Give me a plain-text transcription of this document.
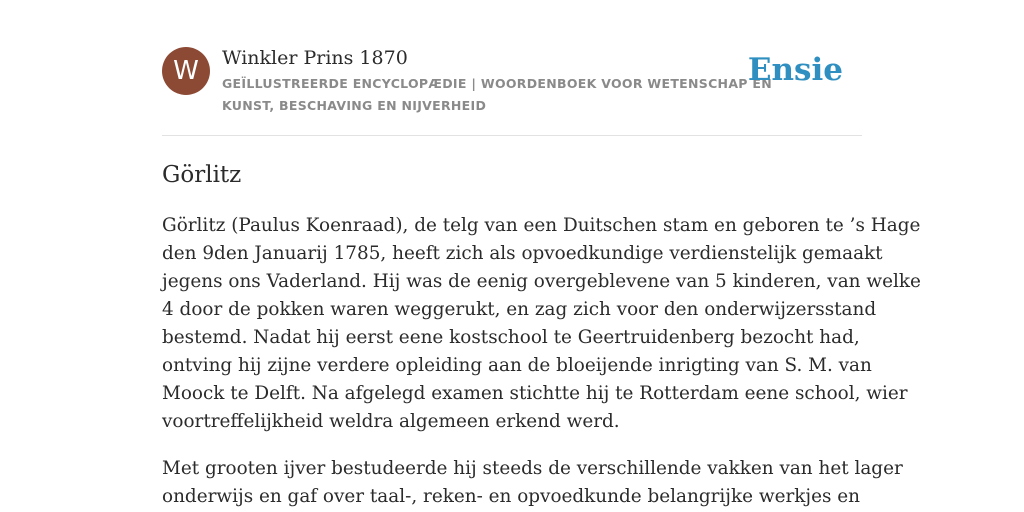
W	Winkler Prins 1870
GEÏLLUSTREERDE ENCYCLOPÆDIE | WOORDENBOEK VOOR WETENSCHAP EN
KUNST, BESCHAVING EN NIJVERHEID
Ensie
Görlitz

Görlitz (Paulus Koenraad), de telg van een Duitschen stam en geboren te ’s Hage
den 9den Januarij 1785, heeft zich als opvoedkundige verdienstelijk gemaakt
jegens ons Vaderland. Hij was de eenig overgeblevene van 5 kinderen, van welke
4 door de pokken waren weggerukt, en zag zich voor den onderwijzersstand
bestemd. Nadat hij eerst eene kostschool te Geertruidenberg bezocht had,
ontving hij zijne verdere opleiding aan de bloeijende inrigting van S. M. van
Moock te Delft. Na afgelegd examen stichtte hij te Rotterdam eene school, wier
voortreffelijkheid weldra algemeen erkend werd.

Met grooten ijver bestudeerde hij steeds de verschillende vakken van het lager
onderwijs en gaf over taal-, reken- en opvoedkunde belangrijke werkjes en
